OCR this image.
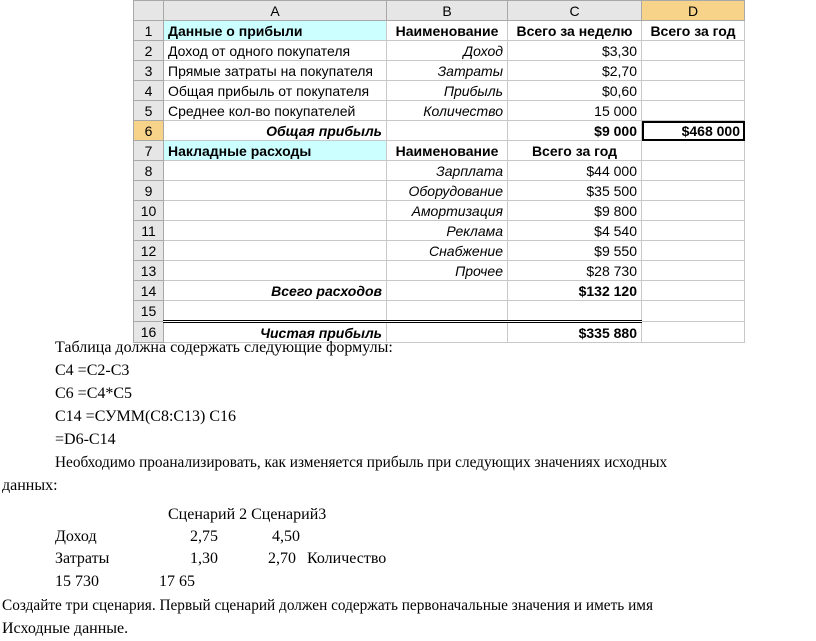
	A	B	C	D
1	Данные о прибыли	Наименование	Всего за неделю	Всего за год
2	Доход от одного покупателя	Доход	$3,30	
3	Прямые затраты на покупателя	Затраты	$2,70	
4	Общая прибыль от покупателя	Прибыль	$0,60	
5	Среднее кол-во покупателей	Количество	15 000	
6	Общая прибыль		$9 000	$468 000
7	Накладные расходы	Наименование	Всего за год	
8		Зарплата	$44 000	
9		Оборудование	$35 500	
10		Амортизация	$9 800	
11		Реклама	$4 540	
12		Снабжение	$9 550	
13		Прочее	$28 730	
14	Всего расходов		$132 120	
15				
16	Чистая прибыль		$335 880	
Таблица должна содержать следующие формулы:
C4 =C2-C3
C6 =C4*C5
C14 =СУММ(C8:C13) C16
=D6-C14
Необходимо проанализировать, как изменяется прибыль при следующих значениях исходных
данных:
Сценарий 2 Сценарий3
Доход	2,75	4,50
Затраты	1,30	2,70 Количество
15 730	17 65
Создайте три сценария. Первый сценарий должен содержать первоначальные значения и иметь имя
Исходные данные.
